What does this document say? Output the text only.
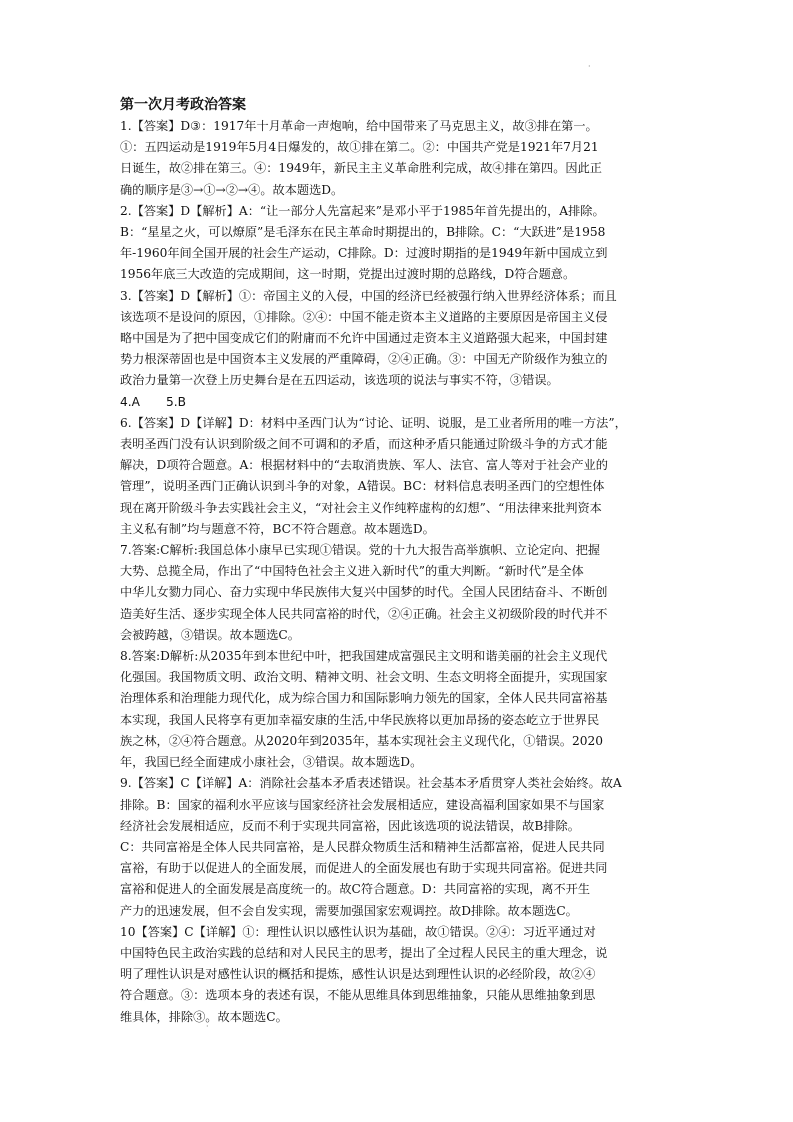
·
第一次月考政治答案
1.【答案】D③：1917年十月革命一声炮响，给中国带来了马克思主义，故③排在第一。
①：五四运动是1919年5月4日爆发的，故①排在第二。②：中国共产党是1921年7月21
日诞生，故②排在第三。④：1949年，新民主主义革命胜利完成，故④排在第四。因此正
确的顺序是③→①→②→④。故本题选D。
2.【答案】D【解析】A：“让一部分人先富起来”是邓小平于1985年首先提出的，A排除。
B：“星星之火，可以燎原”是毛泽东在民主革命时期提出的，B排除。C：“大跃进”是1958
年-1960年间全国开展的社会生产运动，C排除。D：过渡时期指的是1949年新中国成立到
1956年底三大改造的完成期间，这一时期，党提出过渡时期的总路线，D符合题意。
3.【答案】D【解析】①：帝国主义的入侵，中国的经济已经被强行纳入世界经济体系；而且
该选项不是设问的原因，①排除。②④：中国不能走资本主义道路的主要原因是帝国主义侵
略中国是为了把中国变成它们的附庸而不允许中国通过走资本主义道路强大起来，中国封建
势力根深蒂固也是中国资本主义发展的严重障碍，②④正确。③：中国无产阶级作为独立的
政治力量第一次登上历史舞台是在五四运动，该选项的说法与事实不符，③错误。
4.A 5.B
6.【答案】D【详解】D：材料中圣西门认为“讨论、证明、说服，是工业者所用的唯一方法”，
表明圣西门没有认识到阶级之间不可调和的矛盾，而这种矛盾只能通过阶级斗争的方式才能
解决，D项符合题意。A：根据材料中的“去取消贵族、军人、法官、富人等对于社会产业的
管理”，说明圣西门正确认识到斗争的对象，A错误。BC：材料信息表明圣西门的空想性体
现在离开阶级斗争去实践社会主义，“对社会主义作纯粹虚构的幻想”、“用法律来批判资本
主义私有制”均与题意不符，BC不符合题意。故本题选D。
7.答案:C解析:我国总体小康早已实现①错误。党的十九大报告高举旗帜、立论定向、把握
大势、总揽全局，作出了“中国特色社会主义进入新时代”的重大判断。“新时代”是全体
中华儿女勠力同心、奋力实现中华民族伟大复兴中国梦的时代。全国人民团结奋斗、不断创
造美好生活、逐步实现全体人民共同富裕的时代，②④正确。社会主义初级阶段的时代并不
会被跨越，③错误。故本题选C。
8.答案:D解析:从2035年到本世纪中叶，把我国建成富强民主文明和谐美丽的社会主义现代
化强国。我国物质文明、政治文明、精神文明、社会文明、生态文明将全面提升，实现国家
治理体系和治理能力现代化，成为综合国力和国际影响力领先的国家，全体人民共同富裕基
本实现，我国人民将享有更加幸福安康的生活,中华民族将以更加昂扬的姿态屹立于世界民
族之林，②④符合题意。从2020年到2035年，基本实现社会主义现代化，①错误。2020
年，我国已经全面建成小康社会，③错误。故本题选D。
9.【答案】C【详解】A：消除社会基本矛盾表述错误。社会基本矛盾贯穿人类社会始终。故A
排除。B：国家的福利水平应该与国家经济社会发展相适应，建设高福利国家如果不与国家
经济社会发展相适应，反而不利于实现共同富裕，因此该选项的说法错误，故B排除。
C：共同富裕是全体人民共同富裕，是人民群众物质生活和精神生活都富裕，促进人民共同
富裕，有助于以促进人的全面发展，而促进人的全面发展也有助于实现共同富裕。促进共同
富裕和促进人的全面发展是高度统一的。故C符合题意。D：共同富裕的实现，离不开生
产力的迅速发展，但不会自发实现，需要加强国家宏观调控。故D排除。故本题选C。
10【答案】C【详解】①：理性认识以感性认识为基础，故①错误。②④：习近平通过对
中国特色民主政治实践的总结和对人民民主的思考，提出了全过程人民民主的重大理念，说
明了理性认识是对感性认识的概括和提炼，感性认识是达到理性认识的必经阶段，故②④
符合题意。③：选项本身的表述有误，不能从思维具体到思维抽象，只能从思维抽象到思
维具体，排除③。故本题选C。
·
